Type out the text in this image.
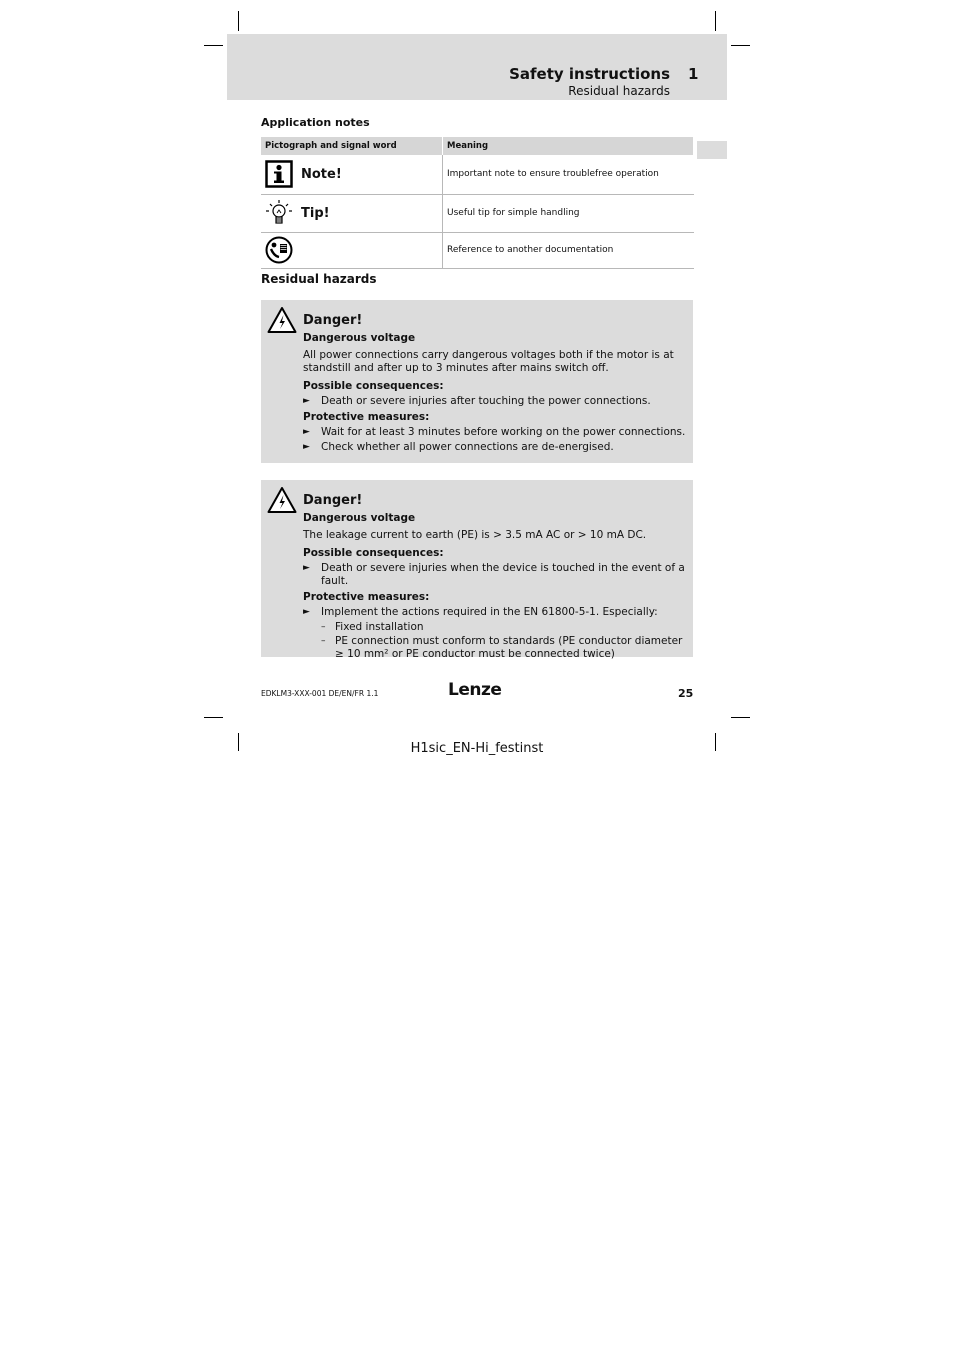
Safety instructions 1
Residual hazards
Application notes
Pictograph and signal word	Meaning

Note!	Important note to ensure troublefree operation

Tip!	Useful tip for simple handling

	Reference to another documentation
Residual hazards
Danger!
Dangerous voltage
All power connections carry dangerous voltages both if the motor is at standstill and after up to 3 minutes after mains switch off.
Possible consequences:
► Death or severe injuries after touching the power connections.
Protective measures:
► Wait for at least 3 minutes before working on the power connections.
► Check whether all power connections are de-energised.
Danger!
Dangerous voltage
The leakage current to earth (PE) is > 3.5 mA AC or > 10 mA DC.
Possible consequences:
► Death or severe injuries when the device is touched in the event of a fault.
Protective measures:
► Implement the actions required in the EN 61800-5-1. Especially:
– Fixed installation
– PE connection must conform to standards (PE conductor diameter ≥ 10 mm² or PE conductor must be connected twice)
EDKLM3-XXX-001 DE/EN/FR 1.1	Lenze	25
H1sic_EN-Hi_festinst
